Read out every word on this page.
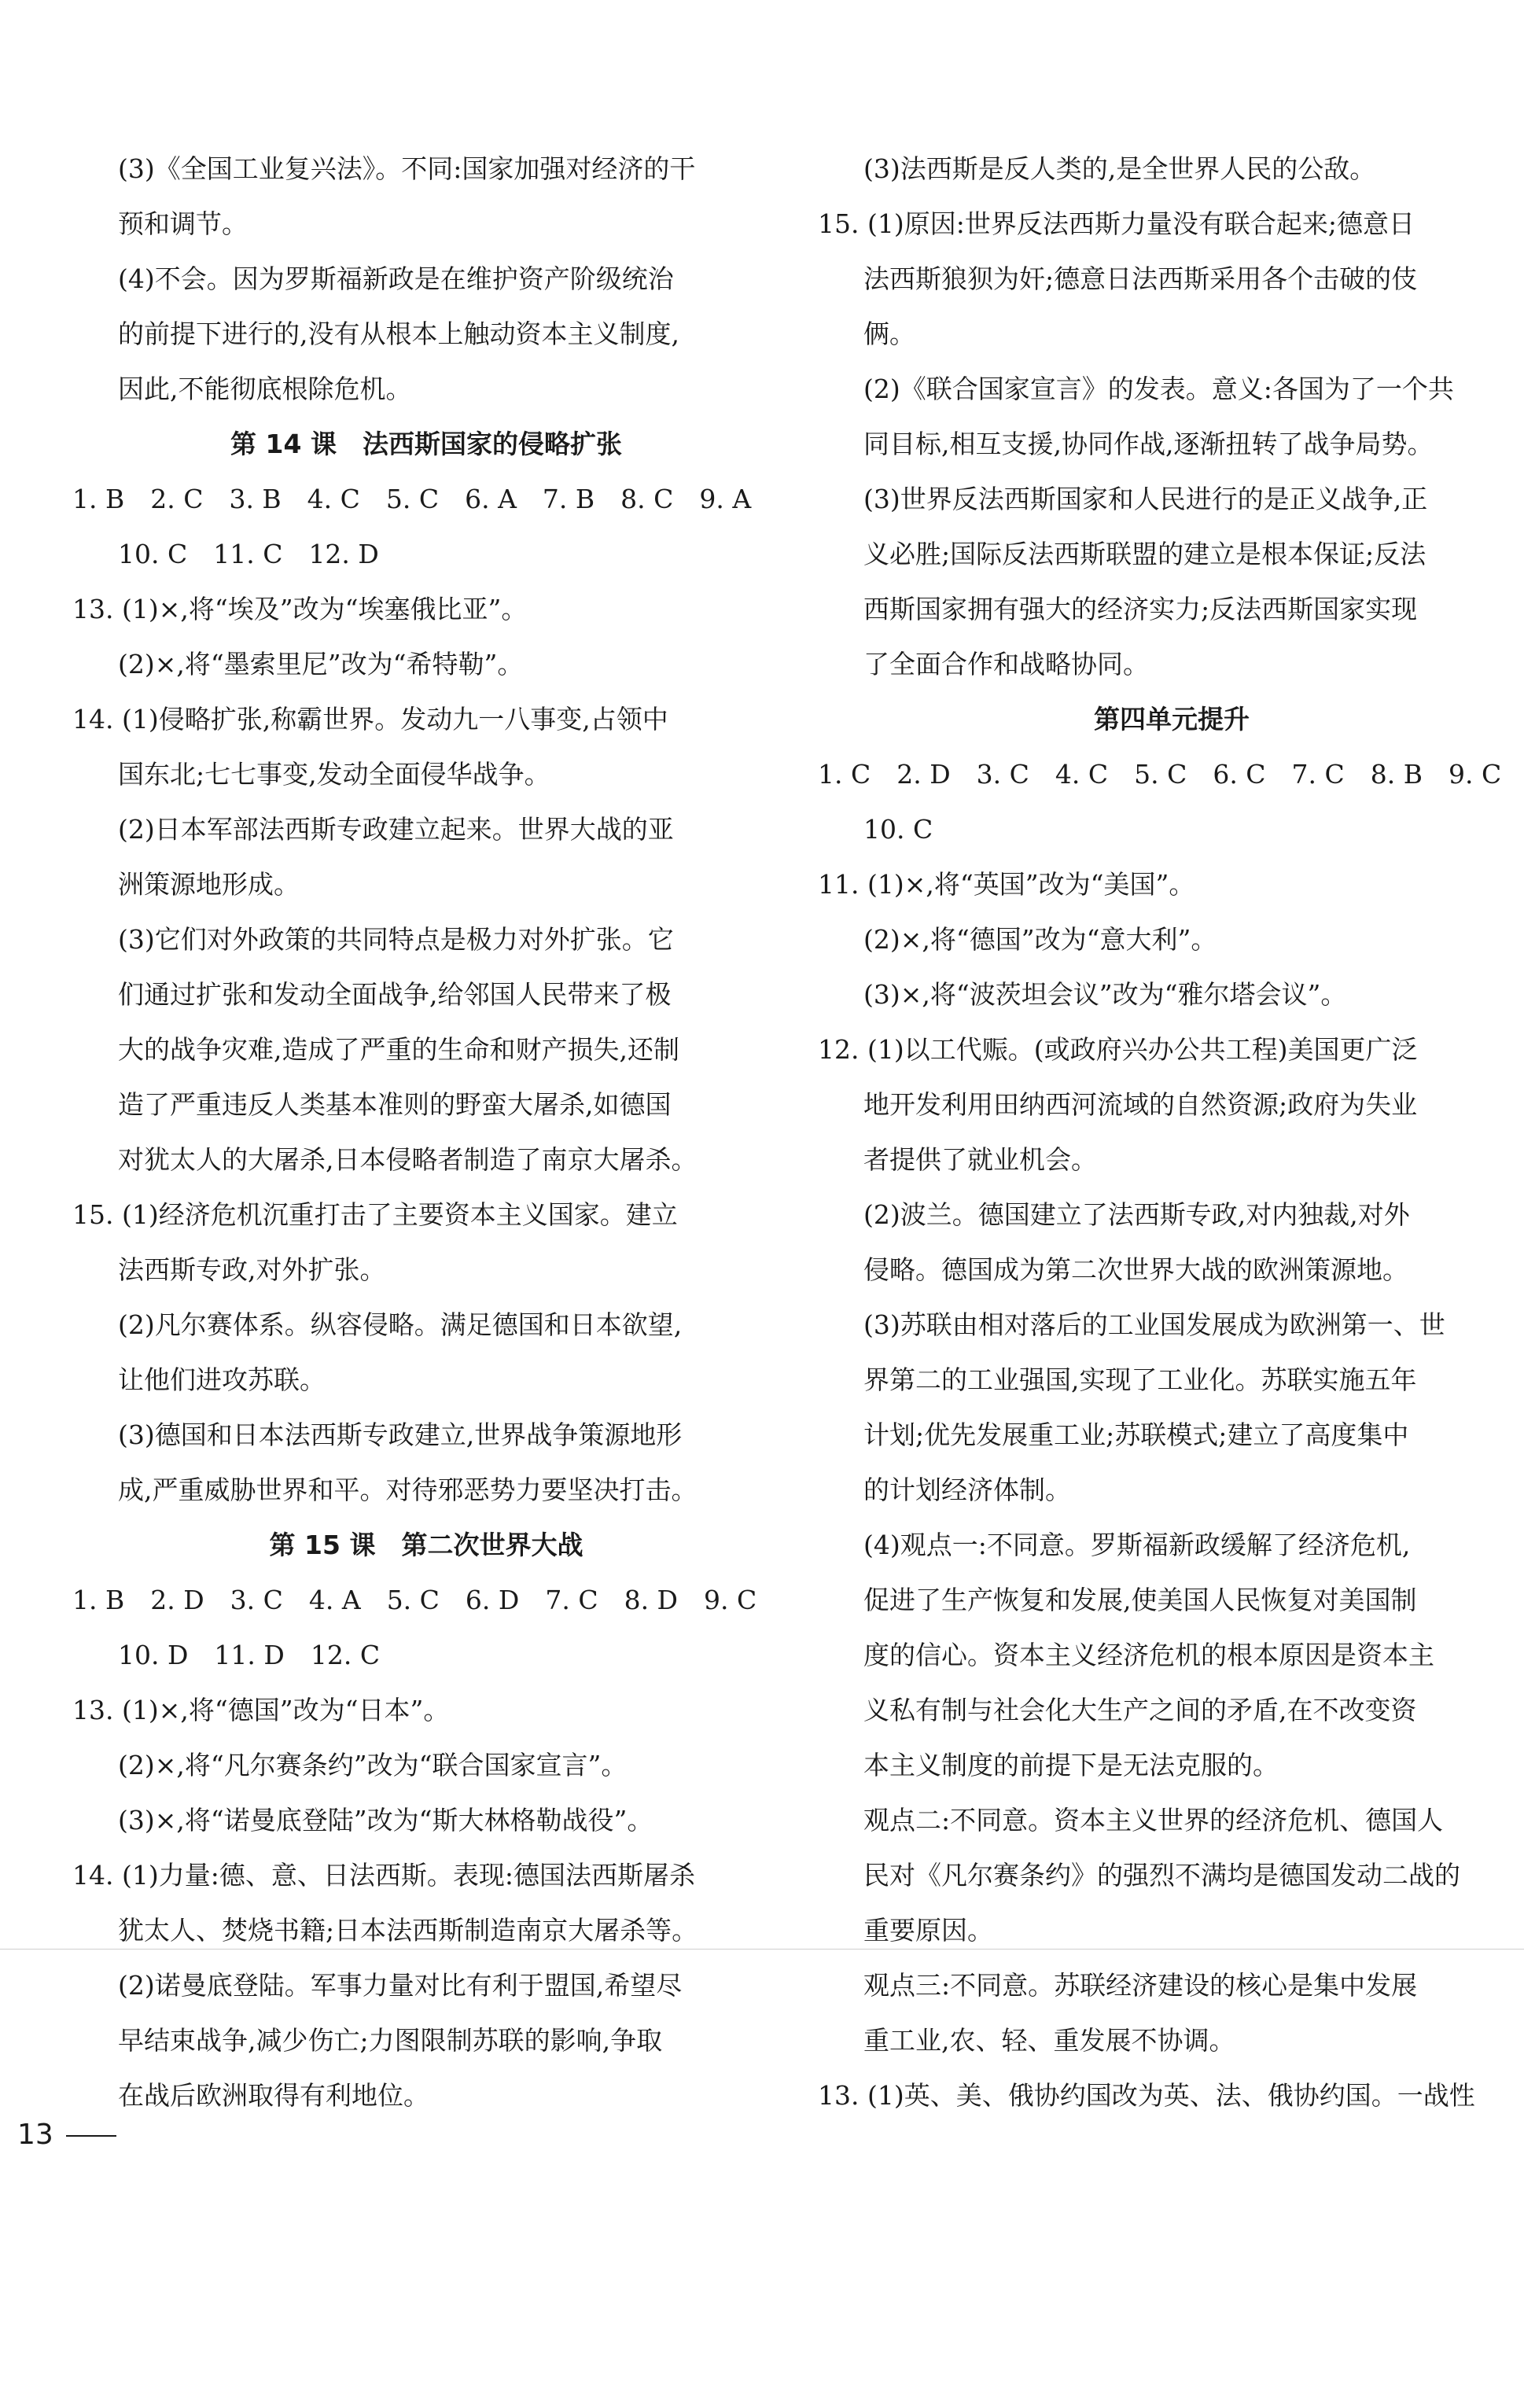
(3)《全国工业复兴法》。不同:国家加强对经济的干
预和调节。
(4)不会。因为罗斯福新政是在维护资产阶级统治
的前提下进行的,没有从根本上触动资本主义制度,
因此,不能彻底根除危机。
第 14 课　法西斯国家的侵略扩张
1. B　2. C　3. B　4. C　5. C　6. A　7. B　8. C　9. A
10. C　11. C　12. D
13. (1)×,将“埃及”改为“埃塞俄比亚”。
(2)×,将“墨索里尼”改为“希特勒”。
14. (1)侵略扩张,称霸世界。发动九一八事变,占领中
国东北;七七事变,发动全面侵华战争。
(2)日本军部法西斯专政建立起来。世界大战的亚
洲策源地形成。
(3)它们对外政策的共同特点是极力对外扩张。它
们通过扩张和发动全面战争,给邻国人民带来了极
大的战争灾难,造成了严重的生命和财产损失,还制
造了严重违反人类基本准则的野蛮大屠杀,如德国
对犹太人的大屠杀,日本侵略者制造了南京大屠杀。
15. (1)经济危机沉重打击了主要资本主义国家。建立
法西斯专政,对外扩张。
(2)凡尔赛体系。纵容侵略。满足德国和日本欲望,
让他们进攻苏联。
(3)德国和日本法西斯专政建立,世界战争策源地形
成,严重威胁世界和平。对待邪恶势力要坚决打击。
第 15 课　第二次世界大战
1. B　2. D　3. C　4. A　5. C　6. D　7. C　8. D　9. C
10. D　11. D　12. C
13. (1)×,将“德国”改为“日本”。
(2)×,将“凡尔赛条约”改为“联合国家宣言”。
(3)×,将“诺曼底登陆”改为“斯大林格勒战役”。
14. (1)力量:德、意、日法西斯。表现:德国法西斯屠杀
犹太人、焚烧书籍;日本法西斯制造南京大屠杀等。
(2)诺曼底登陆。军事力量对比有利于盟国,希望尽
早结束战争,减少伤亡;力图限制苏联的影响,争取
在战后欧洲取得有利地位。
(3)法西斯是反人类的,是全世界人民的公敌。
15. (1)原因:世界反法西斯力量没有联合起来;德意日
法西斯狼狈为奸;德意日法西斯采用各个击破的伎
俩。
(2)《联合国家宣言》的发表。意义:各国为了一个共
同目标,相互支援,协同作战,逐渐扭转了战争局势。
(3)世界反法西斯国家和人民进行的是正义战争,正
义必胜;国际反法西斯联盟的建立是根本保证;反法
西斯国家拥有强大的经济实力;反法西斯国家实现
了全面合作和战略协同。
第四单元提升
1. C　2. D　3. C　4. C　5. C　6. C　7. C　8. B　9. C
10. C
11. (1)×,将“英国”改为“美国”。
(2)×,将“德国”改为“意大利”。
(3)×,将“波茨坦会议”改为“雅尔塔会议”。
12. (1)以工代赈。(或政府兴办公共工程)美国更广泛
地开发利用田纳西河流域的自然资源;政府为失业
者提供了就业机会。
(2)波兰。德国建立了法西斯专政,对内独裁,对外
侵略。德国成为第二次世界大战的欧洲策源地。
(3)苏联由相对落后的工业国发展成为欧洲第一、世
界第二的工业强国,实现了工业化。苏联实施五年
计划;优先发展重工业;苏联模式;建立了高度集中
的计划经济体制。
(4)观点一:不同意。罗斯福新政缓解了经济危机,
促进了生产恢复和发展,使美国人民恢复对美国制
度的信心。资本主义经济危机的根本原因是资本主
义私有制与社会化大生产之间的矛盾,在不改变资
本主义制度的前提下是无法克服的。
观点二:不同意。资本主义世界的经济危机、德国人
民对《凡尔赛条约》的强烈不满均是德国发动二战的
重要原因。
观点三:不同意。苏联经济建设的核心是集中发展
重工业,农、轻、重发展不协调。
13. (1)英、美、俄协约国改为英、法、俄协约国。一战性
13
